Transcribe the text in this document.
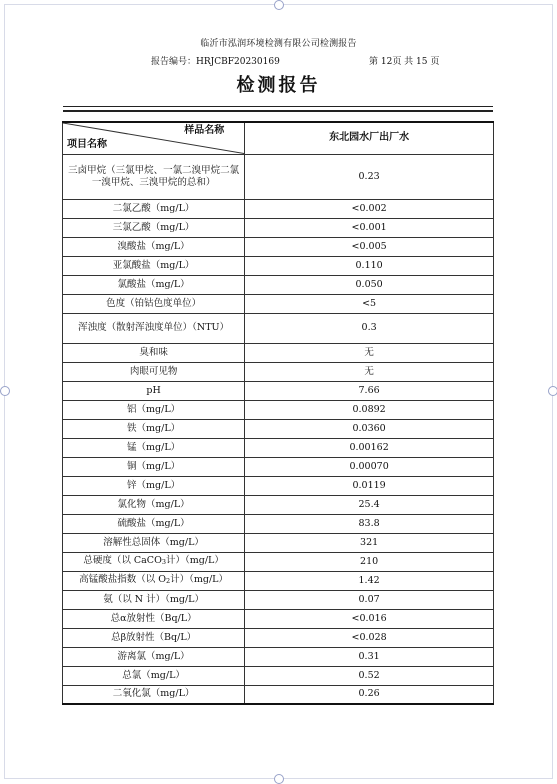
临沂市泓润环境检测有限公司检测报告
报告编号：HRJCBF20230169	第 12页 共 15 页
检测报告
样品名称
项目名称	东北园水厂出厂水
三卤甲烷（三氯甲烷、一氯二溴甲烷二氯一溴甲烷、三溴甲烷的总和）	0.23
二氯乙酸（mg/L）	<0.002
三氯乙酸（mg/L）	<0.001
溴酸盐（mg/L）	<0.005
亚氯酸盐（mg/L）	0.110
氯酸盐（mg/L）	0.050
色度（铂钴色度单位）	<5
浑浊度（散射浑浊度单位）（NTU）	0.3
臭和味	无
肉眼可见物	无
pH	7.66
铝（mg/L）	0.0892
铁（mg/L）	0.0360
锰（mg/L）	0.00162
铜（mg/L）	0.00070
锌（mg/L）	0.0119
氯化物（mg/L）	25.4
硫酸盐（mg/L）	83.8
溶解性总固体（mg/L）	321
总硬度（以 CaCO3计）（mg/L）	210
高锰酸盐指数（以 O2计）（mg/L）	1.42
氨（以 N 计）（mg/L）	0.07
总α放射性（Bq/L）	<0.016
总β放射性（Bq/L）	<0.028
游离氯（mg/L）	0.31
总氯（mg/L）	0.52
二氧化氯（mg/L）	0.26
